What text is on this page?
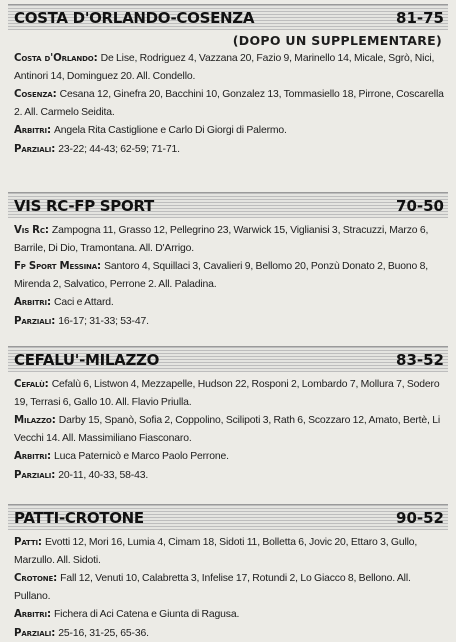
COSTA D'ORLANDO-COSENZA	81-75
(DOPO UN SUPPLEMENTARE)
Costa d'Orlando : De Lise, Rodriguez 4, Vazzana 20, Fazio 9, Marinello 14, Micale, Sgrò, Nici, Antinori 14, Dominguez 20. All. Condello.
Cosenza : Cesana 12, Ginefra 20, Bacchini 10, Gonzalez 13, Tommasiello 18, Pirrone, Coscarella 2. All. Carmelo Seidita.
Arbitri : Angela Rita Castiglione e Carlo Di Giorgi di Palermo.
Parziali : 23-22; 44-43; 62-59; 71-71.
VIS RC-FP SPORT	70-50
Vis Rc : Zampogna 11, Grasso 12, Pellegrino 23, Warwick 15, Viglianisi 3, Stracuzzi, Marzo 6, Barrile, Di Dio, Tramontana. All. D'Arrigo.
Fp Sport Messina : Santoro 4, Squillaci 3, Cavalieri 9, Bellomo 20, Ponzù Donato 2, Buono 8, Mirenda 2, Salvatico, Perrone 2. All. Paladina.
Arbitri : Caci e Attard.
Parziali : 16-17; 31-33; 53-47.
CEFALU'-MILAZZO	83-52
Cefalù : Cefalù 6, Listwon 4, Mezzapelle, Hudson 22, Rosponi 2, Lombardo 7, Mollura 7, Sodero 19, Terrasi 6, Gallo 10. All. Flavio Priulla.
Milazzo : Darby 15, Spanò, Sofia 2, Coppolino, Scilipoti 3, Rath 6, Scozzaro 12, Amato, Bertè, Li Vecchi 14. All. Massimiliano Fiasconaro.
Arbitri : Luca Paternicò e Marco Paolo Perrone.
Parziali : 20-11, 40-33, 58-43.
PATTI-CROTONE	90-52
Patti : Evotti 12, Mori 16, Lumia 4, Cimam 18, Sidoti 11, Bolletta 6, Jovic 20, Ettaro 3, Gullo, Marzullo. All. Sidoti.
Crotone : Fall 12, Venuti 10, Calabretta 3, Infelise 17, Rotundi 2, Lo Giacco 8, Bellono. All. Pullano.
Arbitri : Fichera di Aci Catena e Giunta di Ragusa.
Parziali : 25-16, 31-25, 65-36.
